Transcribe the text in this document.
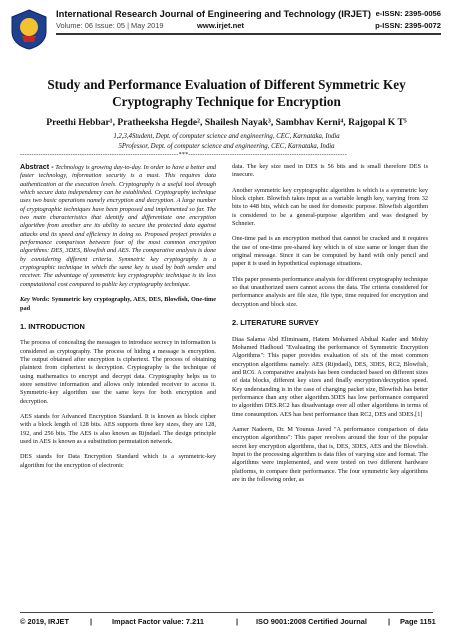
International Research Journal of Engineering and Technology (IRJET)
Volume: 06 Issue: 05 | May 2019	www.irjet.net
e-ISSN: 2395-0056
p-ISSN: 2395-0072
Study and Performance Evaluation of Different Symmetric Key Cryptography Technique for Encryption
Preethi Hebbar¹, Pratheeksha Hegde², Shailesh Nayak³, Sambhav Kerni⁴, Rajgopal K T⁵
1,2,3,4Student, Dept. of computer science and engineering, CEC, Karnataka, India
5Professor, Dept. of computer science and engineering, CEC, Karnataka, India
---------------------------------------------------------------------***---------------------------------------------------------------------

Abstract - Technology is growing day-to-day. In order to have a better and faster technology, information security is a must. This requires data authentication at the execution levels. Cryptography is a useful tool through which secure data independency can be established. Cryptography technique uses two basic operations namely encryption and decryption. A large number of cryptographic techniques have been proposed and implemented so far. The two main characteristics that identify and differentiate one encryption algorithm from another are its ability to secure the protected data against attacks and its speed and efficiency in doing so. Proposed project provides a performance comparison between four of the most common encryption algorithms: DES, 3DES, Blowfish and AES. The comparative analysis is done by considering different criteria. Symmetric key cryptography is a cryptographic technique in which the same key is used by both sender and receiver. The advantage of symmetric key cryptographic technique is its less computational cost compared to public key cryptography technique.

Key Words: Symmetric key cryptography, AES, DES, Blowfish, One-time pad

1. INTRODUCTION

The process of concealing the messages to introduce secrecy in information is considered as cryptography. The process of hiding a message is encryption. The output obtained after encryption is ciphertext. The process of obtaining plaintext from ciphertext is decryption. Cryptography is the technique of using mathematics to encrypt and decrypt data. Cryptography helps us to store sensitive information and allows only intended receiver to access it. Symmetric-key algorithm use the same keys for both encryption and decryption.

AES stands for Advanced Encryption Standard. It is known as block cipher with a block length of 128 bits. AES supports three key sizes, they are 128, 192, and 256 bits. The AES is also known as Rijndael. The design principle used in AES is known as a substitution permutation network.

DES stands for Data Encryption Standard which is a symmetric-key algorithm for the encryption of electronic

data. The key size used in DES is 56 bits and is small therefore DES is insecure.

Another symmetric key cryptographic algorithm is which is a symmetric key block cipher. Blowfish takes input as a variable length key, varying from 32 bits to 448 bits, which can be used for domestic purpose. Blowfish algorithm is considered to be a general-purpose algorithm and was designed by Schneier.

One-time pad is an encryption method that cannot be cracked and it requires the use of one-time pre-shared key which is of size same or longer than the original message. Since it can be computed by hand with only pencil and paper it is used in hypothetical espionage situations.

This paper presents performance analysis for different cryptography technique so that unauthorized users cannot access the data. The criteria considered for performance analysis are file size, file type, time required for encryption and decryption and block size.

2. LITERATURE SURVEY

Diaa Salama Abd Eliminaam, Hatem Mohamed Abdual Kader and Mohiy Mohamed Hadhoud "Evaluating the performance of Symmetric Encryption Algorithms": This paper provides evaluation of six of the most common encryption algorithms namely: AES (Rijndael), DES, 3DES, RC2, Blowfish, and RC6. A comparative analysis has been conducted based on different sizes of data blocks, different key sizes and finally encryption/decryption speed. Key understanding is in the case of changing packet size, Blowfish has better performance than any other algorithm.3DES has low performance compared to algorithm DES.RC2 has disadvantage over all other algorithms in terms of time consumption. AES has best performance than RC2, DES and 3DES.[1]

Aamer Nadeem, Dr. M Younus Javed "A performance comparison of data encryption algorithms": This paper revolves around the four of the popular secret key encryption algorithms, that is, DES, 3DES, AES and the Blowfish. Input to the processing algorithm is data files of varying size and format. The algorithms were implemented, and were tested on two different hardware platforms, to compare their performance. The four symmetric key algorithms are in the following order, as

© 2019, IRJET	|	Impact Factor value: 7.211	| ISO 9001:2008 Certified Journal	| Page 1151
